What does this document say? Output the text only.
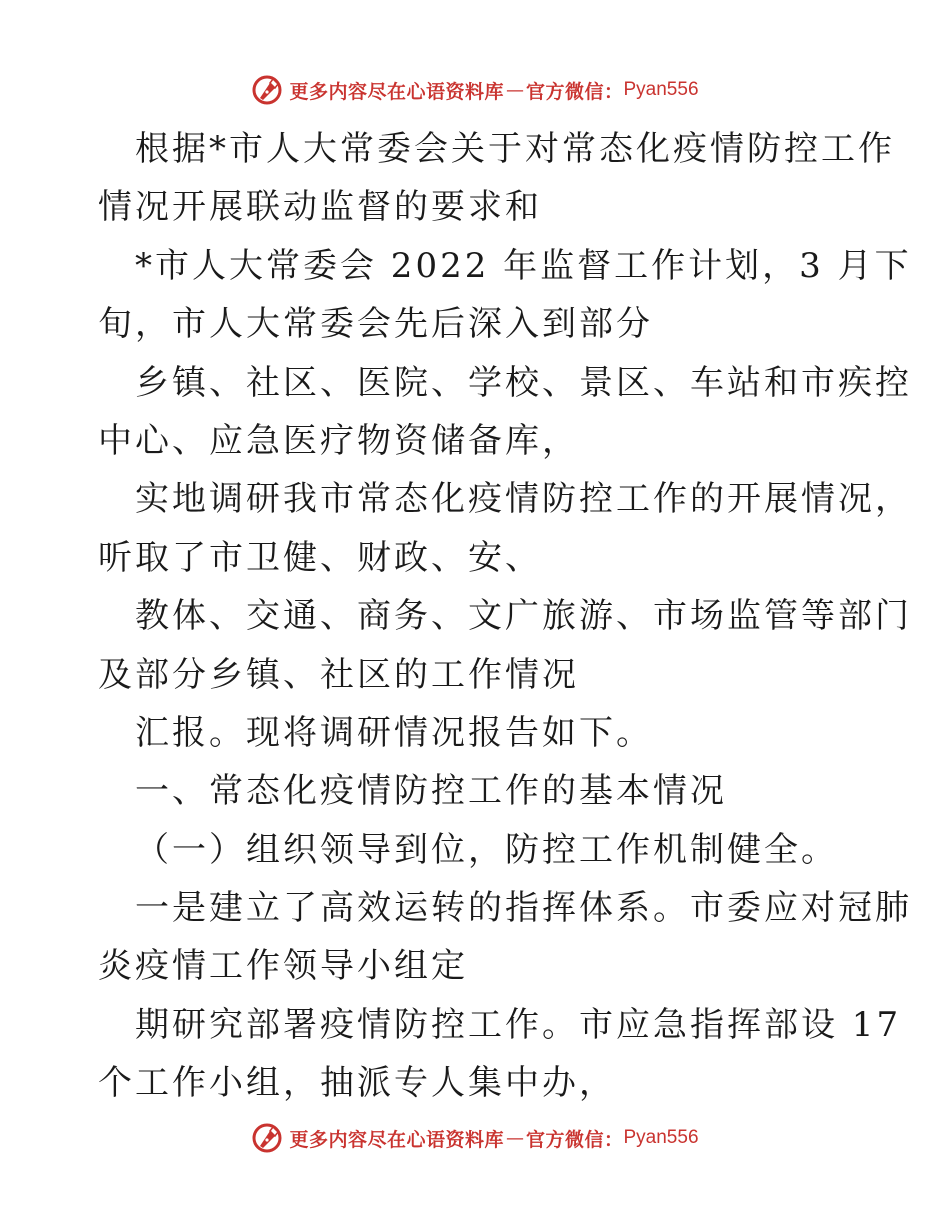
更多内容尽在心语资料库 — 官方微信： Pyan556
根据*市人大常委会关于对常态化疫情防控工作
情况开展联动监督的要求和
*市人大常委会 2022 年监督工作计划，3 月下
旬，市人大常委会先后深入到部分
乡镇、社区、医院、学校、景区、车站和市疾控
中心、应急医疗物资储备库，
实地调研我市常态化疫情防控工作的开展情况，
听取了市卫健、财政、安、
教体、交通、商务、文广旅游、市场监管等部门
及部分乡镇、社区的工作情况
汇报。现将调研情况报告如下。
一、常态化疫情防控工作的基本情况
（一）组织领导到位，防控工作机制健全。
一是建立了高效运转的指挥体系。市委应对冠肺
炎疫情工作领导小组定
期研究部署疫情防控工作。市应急指挥部设 17
个工作小组，抽派专人集中办，
更多内容尽在心语资料库 — 官方微信： Pyan556
